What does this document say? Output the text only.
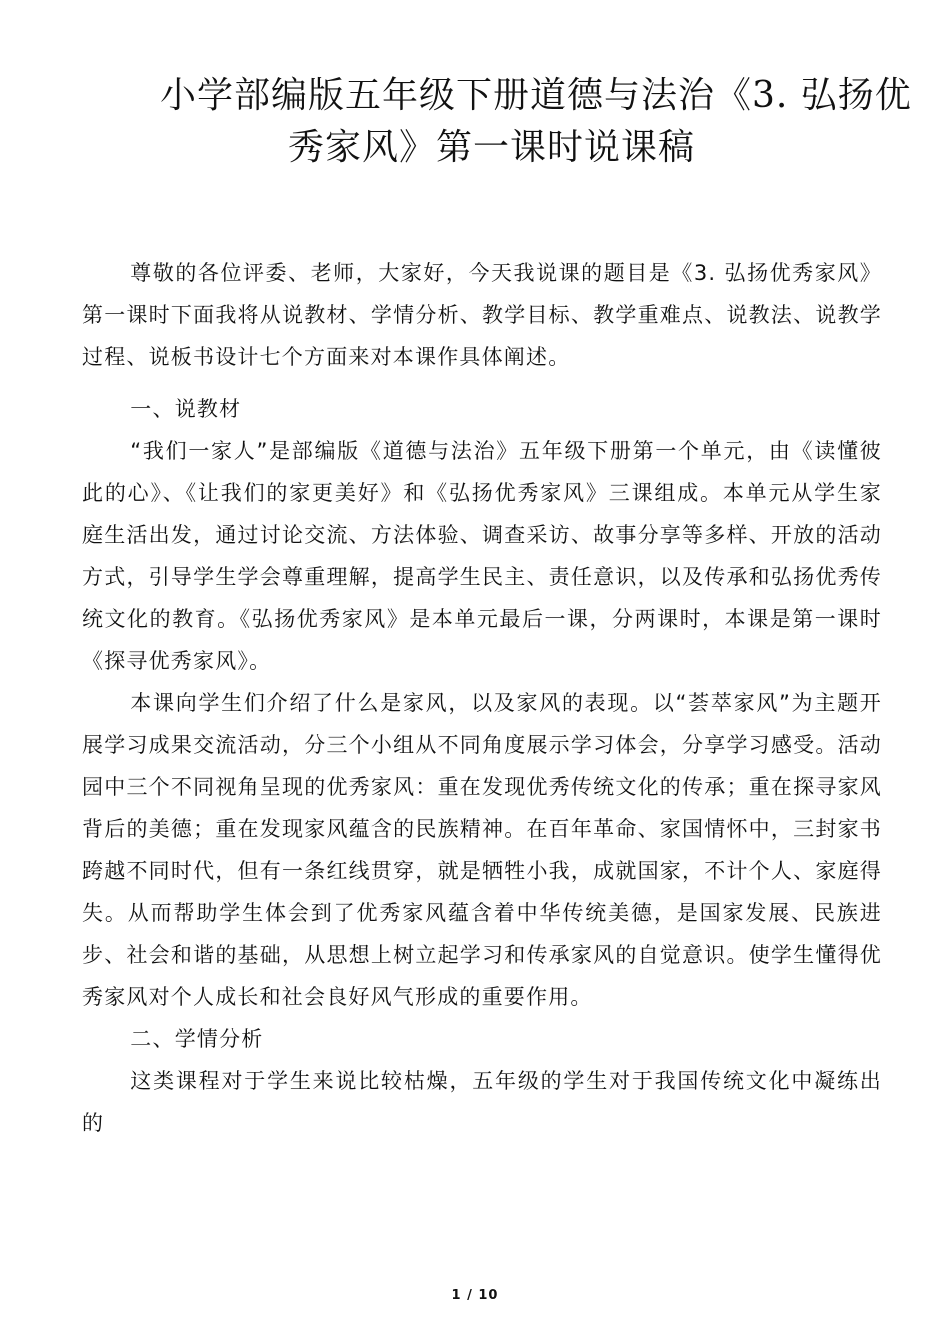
小学部编版五年级下册道德与法治《3. 弘扬优
秀家风》第一课时说课稿

尊敬的各位评委、老师，大家好，今天我说课的题目是《3. 弘扬优秀家风》第一课时下面我将从说教材、学情分析、教学目标、教学重难点、说教法、说教学过程、说板书设计七个方面来对本课作具体阐述。

一、说教材

“我们一家人”是部编版《道德与法治》五年级下册第一个单元，由《读懂彼此的心》、《让我们的家更美好》和《弘扬优秀家风》三课组成。本单元从学生家庭生活出发，通过讨论交流、方法体验、调查采访、故事分享等多样、开放的活动方式，引导学生学会尊重理解，提高学生民主、责任意识，以及传承和弘扬优秀传统文化的教育。《弘扬优秀家风》是本单元最后一课，分两课时，本课是第一课时《探寻优秀家风》。

本课向学生们介绍了什么是家风，以及家风的表现。以“荟萃家风”为主题开展学习成果交流活动，分三个小组从不同角度展示学习体会，分享学习感受。活动园中三个不同视角呈现的优秀家风：重在发现优秀传统文化的传承；重在探寻家风背后的美德；重在发现家风蕴含的民族精神。在百年革命、家国情怀中，三封家书跨越不同时代，但有一条红线贯穿，就是牺牲小我，成就国家，不计个人、家庭得失。从而帮助学生体会到了优秀家风蕴含着中华传统美德，是国家发展、民族进步、社会和谐的基础，从思想上树立起学习和传承家风的自觉意识。使学生懂得优秀家风对个人成长和社会良好风气形成的重要作用。

二、学情分析

这类课程对于学生来说比较枯燥，五年级的学生对于我国传统文化中凝练出的

1 / 10
